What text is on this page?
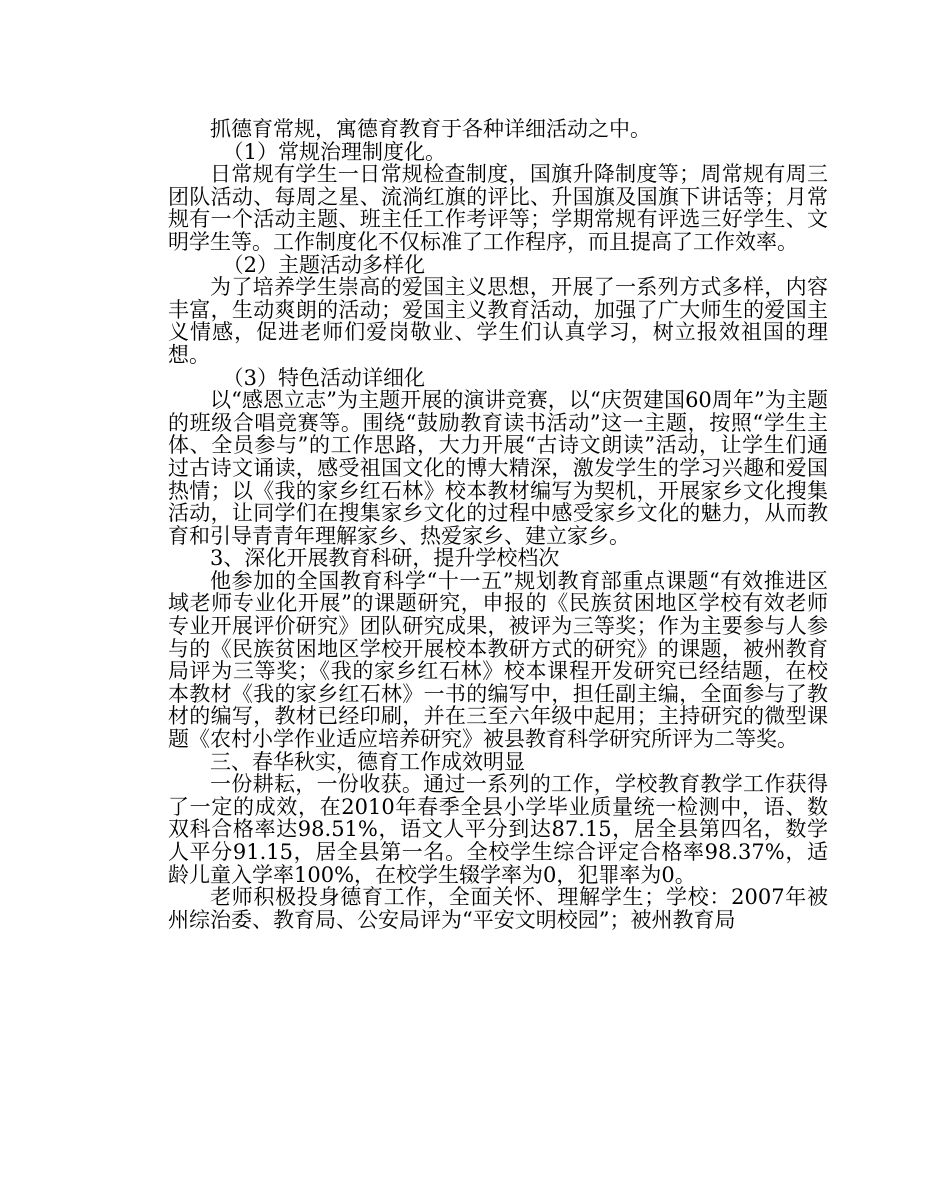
抓德育常规，寓德育教育于各种详细活动之中。

（1）常规治理制度化。

日常规有学生一日常规检查制度，国旗升降制度等；周常规有周三团队活动、每周之星、流淌红旗的评比、升国旗及国旗下讲话等；月常规有一个活动主题、班主任工作考评等；学期常规有评选三好学生、文明学生等。工作制度化不仅标准了工作程序，而且提高了工作效率。

（2）主题活动多样化

为了培养学生崇高的爱国主义思想，开展了一系列方式多样，内容丰富，生动爽朗的活动；爱国主义教育活动，加强了广大师生的爱国主义情感，促进老师们爱岗敬业、学生们认真学习，树立报效祖国的理想。

（3）特色活动详细化

以“感恩立志”为主题开展的演讲竞赛，以“庆贺建国60周年”为主题的班级合唱竞赛等。围绕“鼓励教育读书活动”这一主题，按照“学生主体、全员参与”的工作思路，大力开展“古诗文朗读”活动，让学生们通过古诗文诵读，感受祖国文化的博大精深，激发学生的学习兴趣和爱国热情；以《我的家乡红石林》校本教材编写为契机，开展家乡文化搜集活动，让同学们在搜集家乡文化的过程中感受家乡文化的魅力，从而教育和引导青青年理解家乡、热爱家乡、建立家乡。

3、深化开展教育科研，提升学校档次

他参加的全国教育科学“十一五”规划教育部重点课题“有效推进区域老师专业化开展”的课题研究，申报的《民族贫困地区学校有效老师专业开展评价研究》团队研究成果，被评为三等奖；作为主要参与人参与的《民族贫困地区学校开展校本教研方式的研究》的课题，被州教育局评为三等奖；《我的家乡红石林》校本课程开发研究已经结题，在校本教材《我的家乡红石林》一书的编写中，担任副主编，全面参与了教材的编写，教材已经印刷，并在三至六年级中起用；主持研究的微型课题《农村小学作业适应培养研究》被县教育科学研究所评为二等奖。

三、春华秋实，德育工作成效明显

一份耕耘，一份收获。通过一系列的工作，学校教育教学工作获得了一定的成效，在2010年春季全县小学毕业质量统一检测中，语、数双科合格率达98.51%，语文人平分到达87.15，居全县第四名，数学人平分91.15，居全县第一名。全校学生综合评定合格率98.37%，适龄儿童入学率100%，在校学生辍学率为0，犯罪率为0。

老师积极投身德育工作，全面关怀、理解学生；学校：2007年被州综治委、教育局、公安局评为“平安文明校园”；被州教育局
